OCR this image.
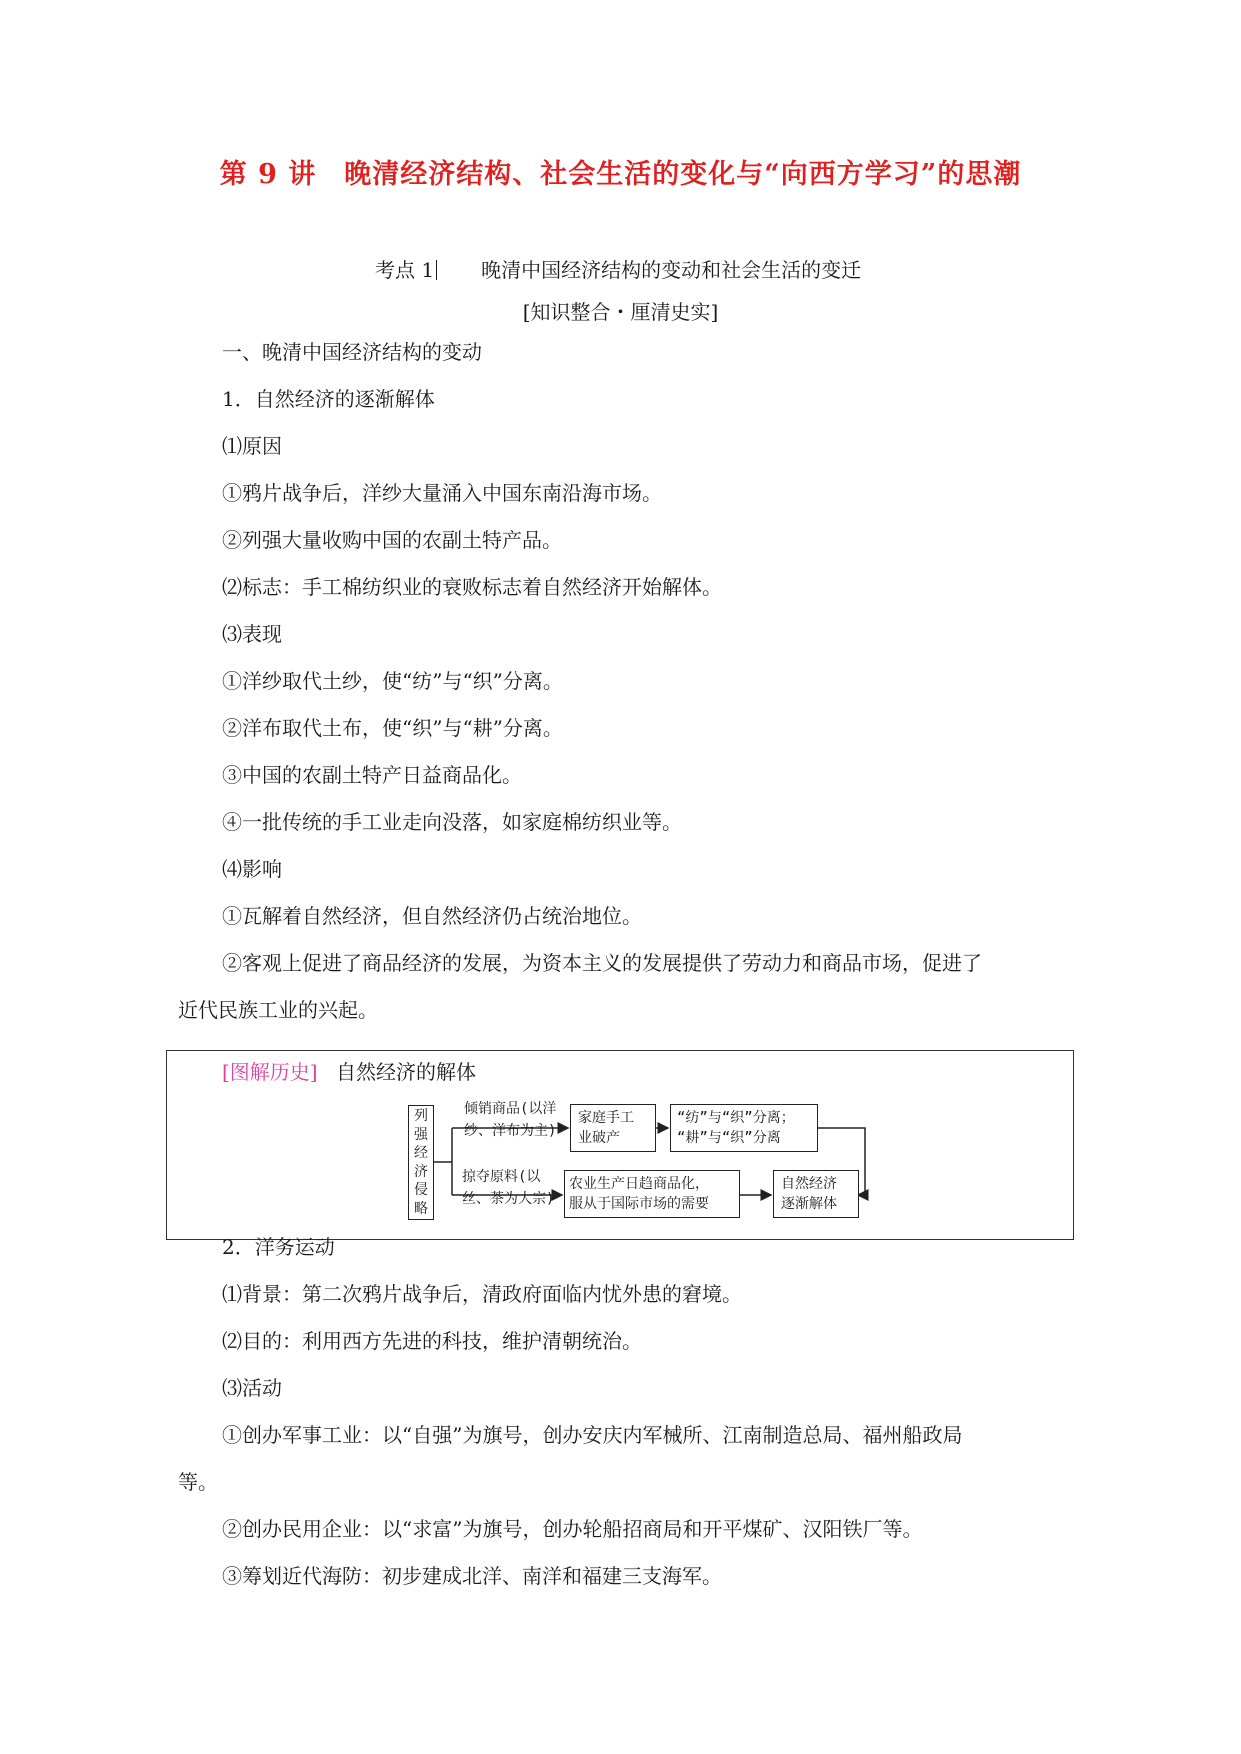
第 9 讲　晚清经济结构、社会生活的变化与“向西方学习”的思潮
考点 1 晚清中国经济结构的变动和社会生活的变迁
[知识整合・厘清史实]
一、晚清中国经济结构的变动
1．自然经济的逐渐解体
⑴原因
①鸦片战争后，洋纱大量涌入中国东南沿海市场。
②列强大量收购中国的农副土特产品。
⑵标志：手工棉纺织业的衰败标志着自然经济开始解体。
⑶表现
①洋纱取代土纱，使“纺”与“织”分离。
②洋布取代土布，使“织”与“耕”分离。
③中国的农副土特产日益商品化。
④一批传统的手工业走向没落，如家庭棉纺织业等。
⑷影响
①瓦解着自然经济，但自然经济仍占统治地位。
②客观上促进了商品经济的发展，为资本主义的发展提供了劳动力和商品市场，促进了
近代民族工业的兴起。
[图解历史] 自然经济的解体
列
强
经
济
侵
略
倾销商品(以洋
纱、洋布为主)
掠夺原料(以
丝、茶为大宗)
家庭手工
业破产
“纺”与“织”分离；
“耕”与“织”分离
农业生产日趋商品化，
服从于国际市场的需要
自然经济
逐渐解体
2．洋务运动
⑴背景：第二次鸦片战争后，清政府面临内忧外患的窘境。
⑵目的：利用西方先进的科技，维护清朝统治。
⑶活动
①创办军事工业：以“自强”为旗号，创办安庆内军械所、江南制造总局、福州船政局
等。
②创办民用企业：以“求富”为旗号，创办轮船招商局和开平煤矿、汉阳铁厂等。
③筹划近代海防：初步建成北洋、南洋和福建三支海军。
